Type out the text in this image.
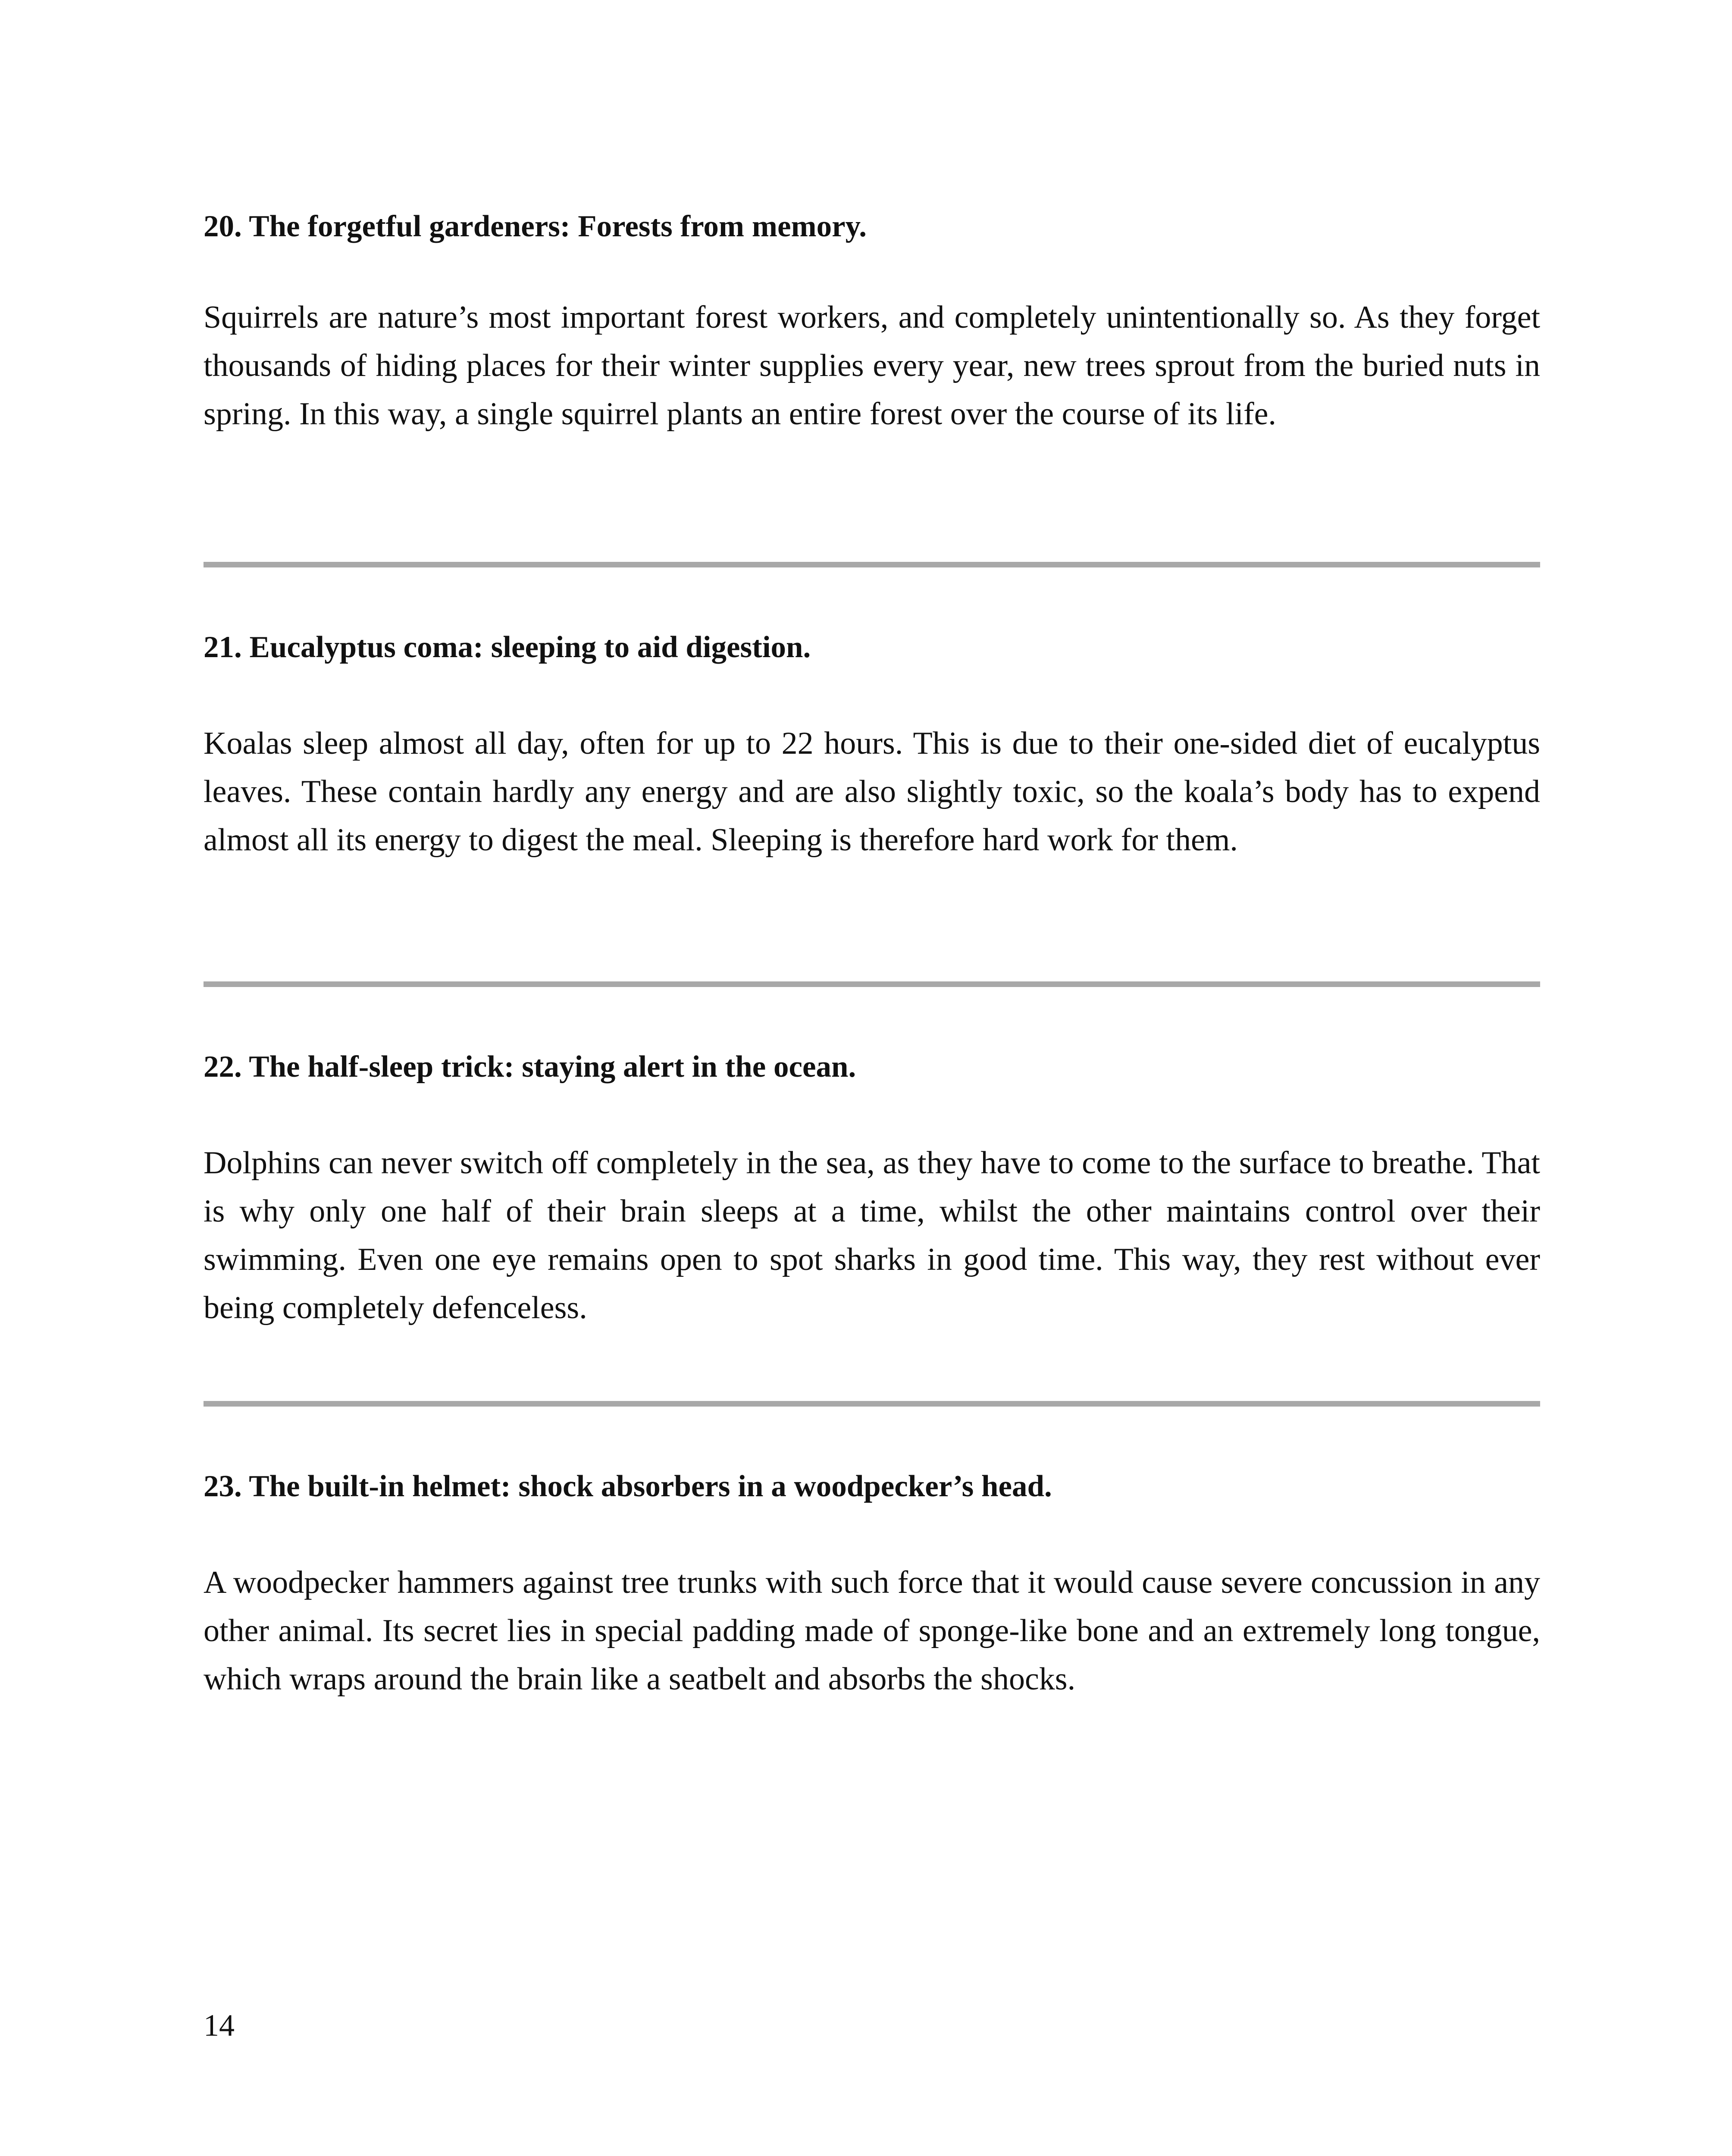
20. The forgetful gardeners: Forests from memory.

Squirrels are nature’s most important forest workers, and completely unintentionally so. As they forget thousands of hiding places for their winter supplies every year, new trees sprout from the buried nuts in spring. In this way, a single squirrel plants an entire forest over the course of its life.

21. Eucalyptus coma: sleeping to aid digestion.

Koalas sleep almost all day, often for up to 22 hours. This is due to their one-sided diet of eucalyptus leaves. These contain hardly any energy and are also slightly toxic, so the koala’s body has to expend almost all its energy to digest the meal. Sleeping is therefore hard work for them.

22. The half-sleep trick: staying alert in the ocean.

Dolphins can never switch off completely in the sea, as they have to come to the surface to breathe. That is why only one half of their brain sleeps at a time, whilst the other maintains control over their swimming. Even one eye remains open to spot sharks in good time. This way, they rest without ever being completely defenceless.

23. The built-in helmet: shock absorbers in a woodpecker’s head.

A woodpecker hammers against tree trunks with such force that it would cause severe concussion in any other animal. Its secret lies in special padding made of sponge-like bone and an extremely long tongue, which wraps around the brain like a seatbelt and absorbs the shocks.

14
